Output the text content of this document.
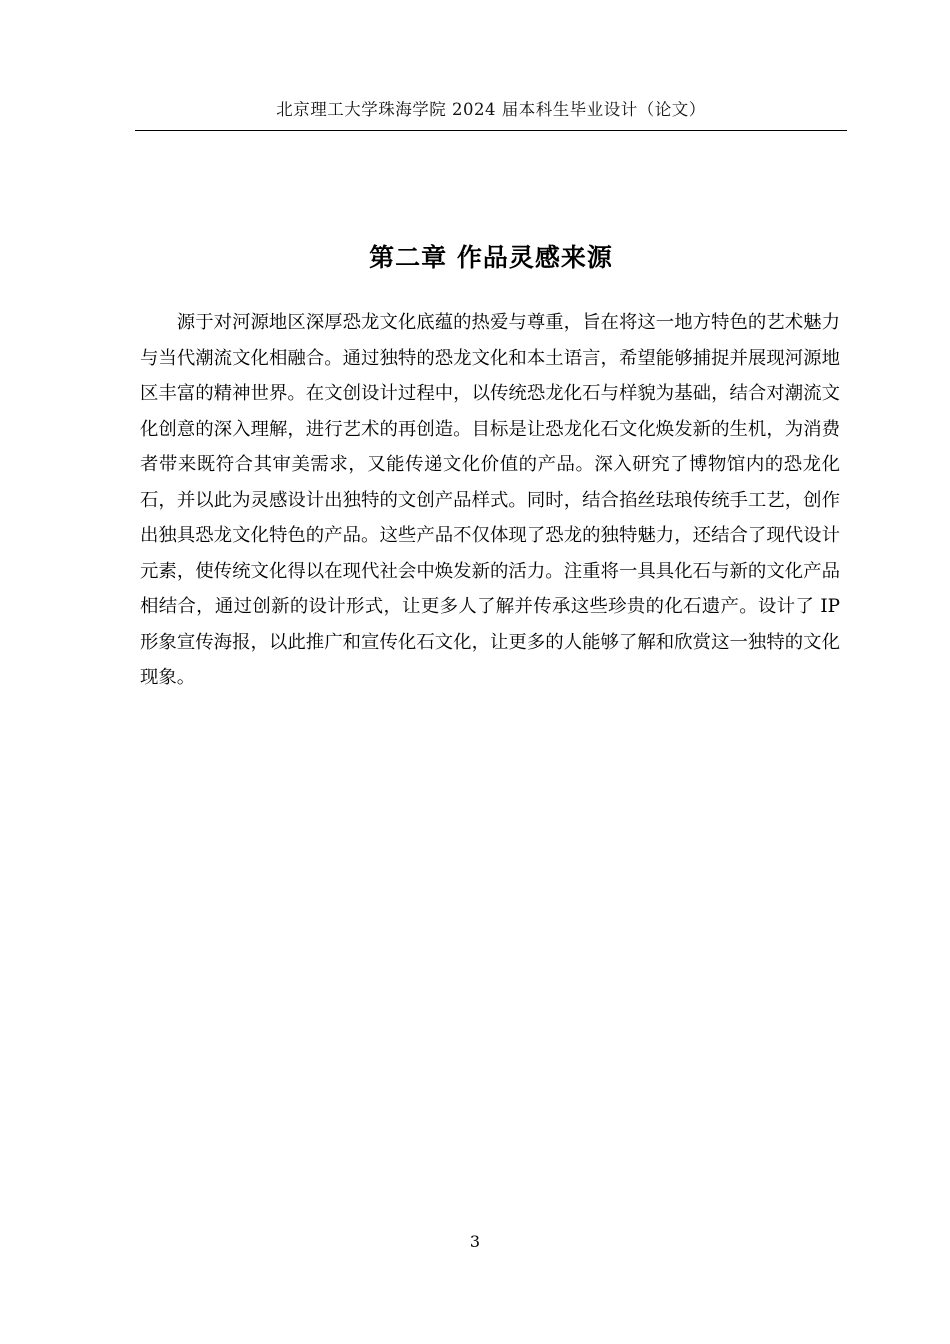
北京理工大学珠海学院 2024 届本科生毕业设计（论文）
第二章 作品灵感来源

源于对河源地区深厚恐龙文化底蕴的热爱与尊重，旨在将这一地方特色的艺术魅力与当代潮流文化相融合。通过独特的恐龙文化和本土语言，希望能够捕捉并展现河源地区丰富的精神世界。在文创设计过程中，以传统恐龙化石与样貌为基础，结合对潮流文化创意的深入理解，进行艺术的再创造。目标是让恐龙化石文化焕发新的生机，为消费者带来既符合其审美需求，又能传递文化价值的产品。深入研究了博物馆内的恐龙化石，并以此为灵感设计出独特的文创产品样式。同时，结合掐丝珐琅传统手工艺，创作出独具恐龙文化特色的产品。这些产品不仅体现了恐龙的独特魅力，还结合了现代设计元素，使传统文化得以在现代社会中焕发新的活力。注重将一具具化石与新的文化产品相结合，通过创新的设计形式，让更多人了解并传承这些珍贵的化石遗产。设计了 IP 形象宣传海报，以此推广和宣传化石文化，让更多的人能够了解和欣赏这一独特的文化现象。

3
